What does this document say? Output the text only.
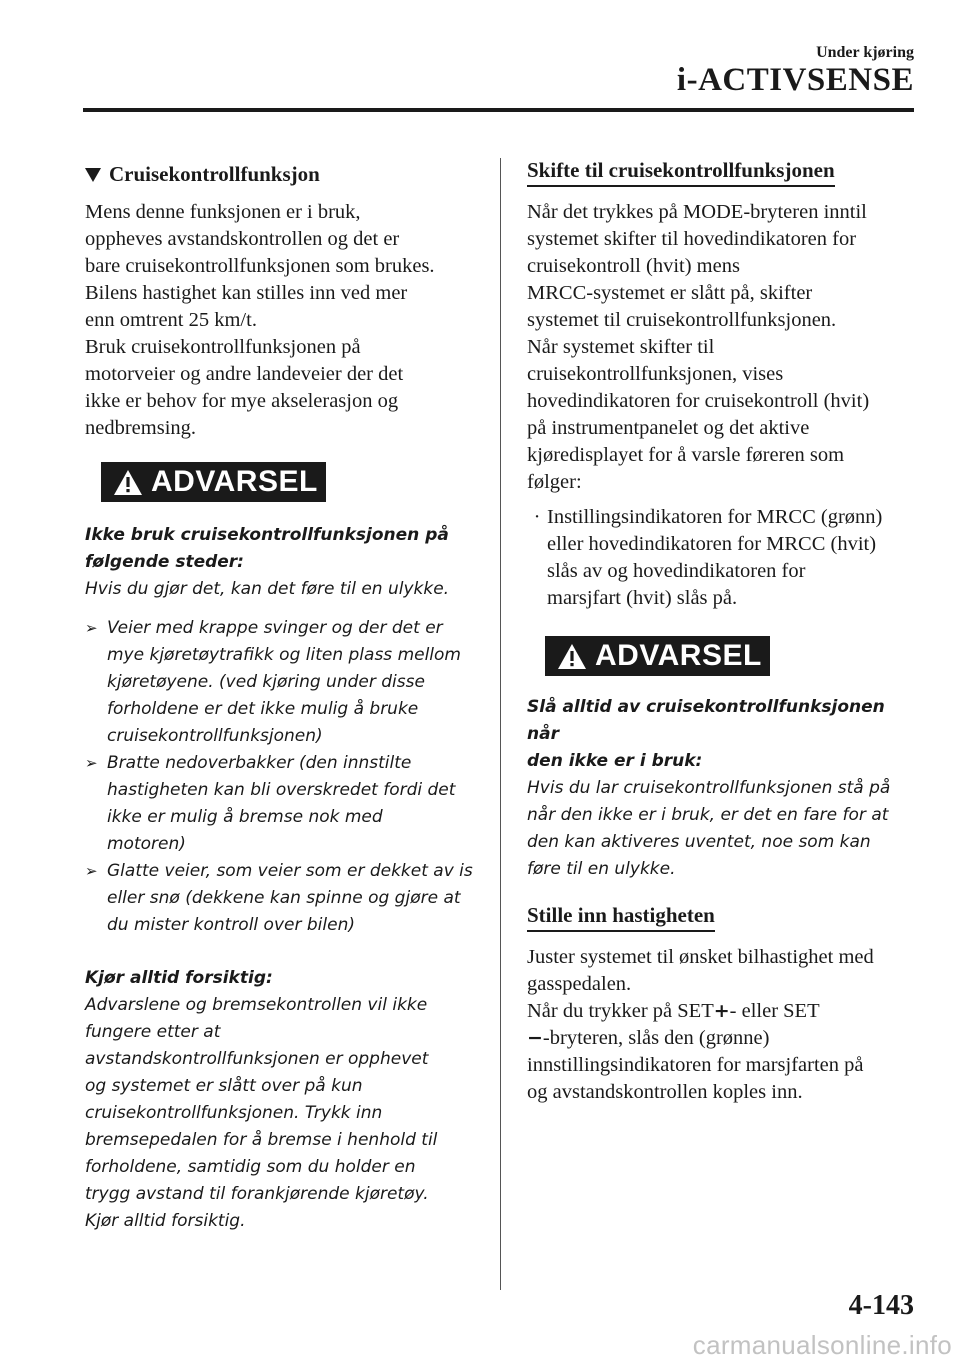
Under kjøring
i-ACTIVSENSE
Cruisekontrollfunksjon

Mens denne funksjonen er i bruk,
oppheves avstandskontrollen og det er
bare cruisekontrollfunksjonen som brukes.
Bilens hastighet kan stilles inn ved mer
enn omtrent 25 km/t.
Bruk cruisekontrollfunksjonen på
motorveier og andre landeveier der det
ikke er behov for mye akselerasjon og
nedbremsing.

ADVARSEL

Ikke bruk cruisekontrollfunksjonen på
følgende steder:

Hvis du gjør det, kan det føre til en ulykke.

➢ Veier med krappe svinger og der det er
mye kjøretøytrafikk og liten plass mellom
kjøretøyene. (ved kjøring under disse
forholdene er det ikke mulig å bruke
cruisekontrollfunksjonen)
➢ Bratte nedoverbakker (den innstilte
hastigheten kan bli overskredet fordi det
ikke er mulig å bremse nok med
motoren)
➢ Glatte veier, som veier som er dekket av is
eller snø (dekkene kan spinne og gjøre at
du mister kontroll over bilen)

Kjør alltid forsiktig:

Advarslene og bremsekontrollen vil ikke
fungere etter at
avstandskontrollfunksjonen er opphevet
og systemet er slått over på kun
cruisekontrollfunksjonen. Trykk inn
bremsepedalen for å bremse i henhold til
forholdene, samtidig som du holder en
trygg avstand til forankjørende kjøretøy.
Kjør alltid forsiktig.

Skifte til cruisekontrollfunksjonen

Når det trykkes på MODE-bryteren inntil
systemet skifter til hovedindikatoren for
cruisekontroll (hvit) mens
MRCC-systemet er slått på, skifter
systemet til cruisekontrollfunksjonen.
Når systemet skifter til
cruisekontrollfunksjonen, vises
hovedindikatoren for cruisekontroll (hvit)
på instrumentpanelet og det aktive
kjøredisplayet for å varsle føreren som
følger:

· Instillingsindikatoren for MRCC (grønn)
eller hovedindikatoren for MRCC (hvit)
slås av og hovedindikatoren for
marsjfart (hvit) slås på.
ADVARSEL

Slå alltid av cruisekontrollfunksjonen når
den ikke er i bruk:

Hvis du lar cruisekontrollfunksjonen stå på
når den ikke er i bruk, er det en fare for at
den kan aktiveres uventet, noe som kan
føre til en ulykke.

Stille inn hastigheten

Juster systemet til ønsket bilhastighet med
gasspedalen.
Når du trykker på SET+- eller SET
−-bryteren, slås den (grønne)
innstillingsindikatoren for marsjfarten på
og avstandskontrollen koples inn.

4-143
carmanualsonline.info
